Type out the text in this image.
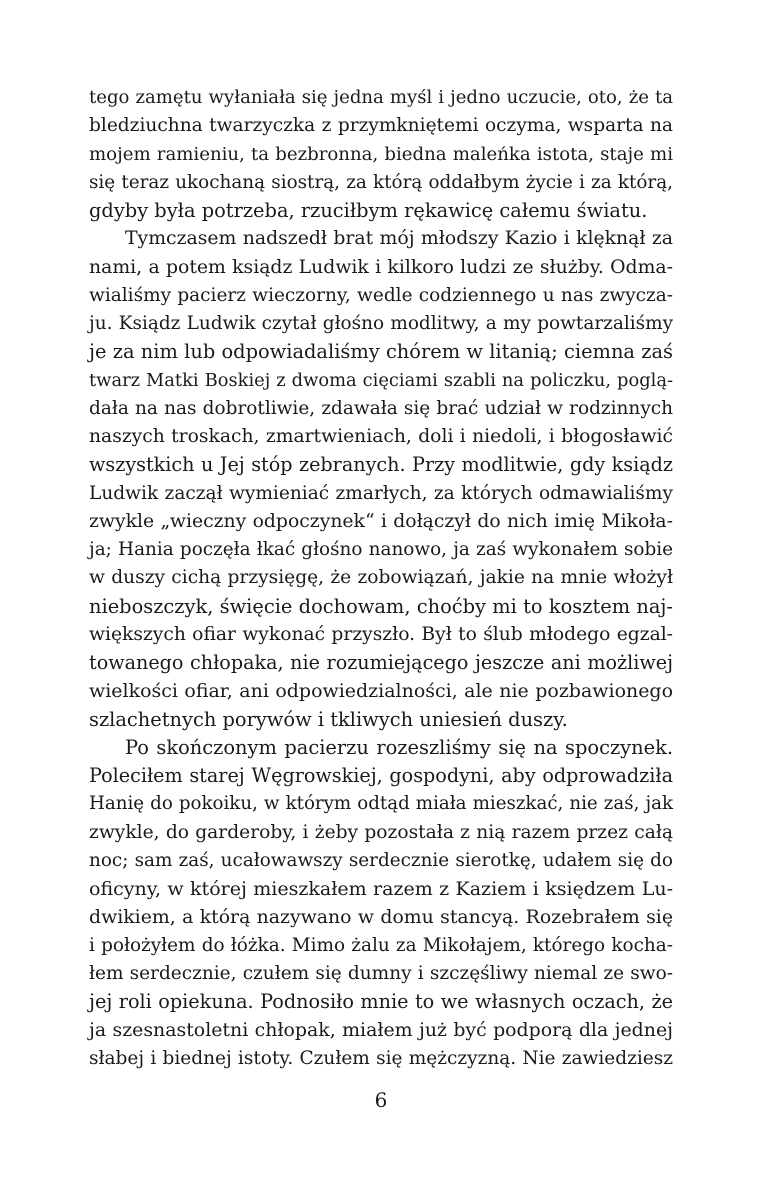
tego zamętu wyłaniała się jedna myśl i jedno uczucie, oto, że ta
bledziuchna twarzyczka z przymkniętemi oczyma, wsparta na
mojem ramieniu, ta bezbronna, biedna maleńka istota, staje mi
się teraz ukochaną siostrą, za którą oddałbym życie i za którą,
gdyby była potrzeba, rzuciłbym rękawicę całemu światu.
Tymczasem nadszedł brat mój młodszy Kazio i klęknął za
nami, a potem ksiądz Ludwik i kilkoro ludzi ze służby. Odma-
wialiśmy pacierz wieczorny, wedle codziennego u nas zwycza-
ju. Ksiądz Ludwik czytał głośno modlitwy, a my powtarzaliśmy
je za nim lub odpowiadaliśmy chórem w litanią; ciemna zaś
twarz Matki Boskiej z dwoma cięciami szabli na policzku, poglą-
dała na nas dobrotliwie, zdawała się brać udział w rodzinnych
naszych troskach, zmartwieniach, doli i niedoli, i błogosławić
wszystkich u Jej stóp zebranych. Przy modlitwie, gdy ksiądz
Ludwik zaczął wymieniać zmarłych, za których odmawialiśmy
zwykle „wieczny odpoczynek“ i dołączył do nich imię Mikoła-
ja; Hania poczęła łkać głośno nanowo, ja zaś wykonałem sobie
w duszy cichą przysięgę, że zobowiązań, jakie na mnie włożył
nieboszczyk, święcie dochowam, choćby mi to kosztem naj-
większych ofiar wykonać przyszło. Był to ślub młodego egzal-
towanego chłopaka, nie rozumiejącego jeszcze ani możliwej
wielkości ofiar, ani odpowiedzialności, ale nie pozbawionego
szlachetnych porywów i tkliwych uniesień duszy.
Po skończonym pacierzu rozeszliśmy się na spoczynek.
Poleciłem starej Węgrowskiej, gospodyni, aby odprowadziła
Hanię do pokoiku, w którym odtąd miała mieszkać, nie zaś, jak
zwykle, do garderoby, i żeby pozostała z nią razem przez całą
noc; sam zaś, ucałowawszy serdecznie sierotkę, udałem się do
oficyny, w której mieszkałem razem z Kaziem i księdzem Lu-
dwikiem, a którą nazywano w domu stancyą. Rozebrałem się
i położyłem do łóżka. Mimo żalu za Mikołajem, którego kocha-
łem serdecznie, czułem się dumny i szczęśliwy niemal ze swo-
jej roli opiekuna. Podnosiło mnie to we własnych oczach, że
ja szesnastoletni chłopak, miałem już być podporą dla jednej
słabej i biednej istoty. Czułem się mężczyzną. Nie zawiedziesz
6
